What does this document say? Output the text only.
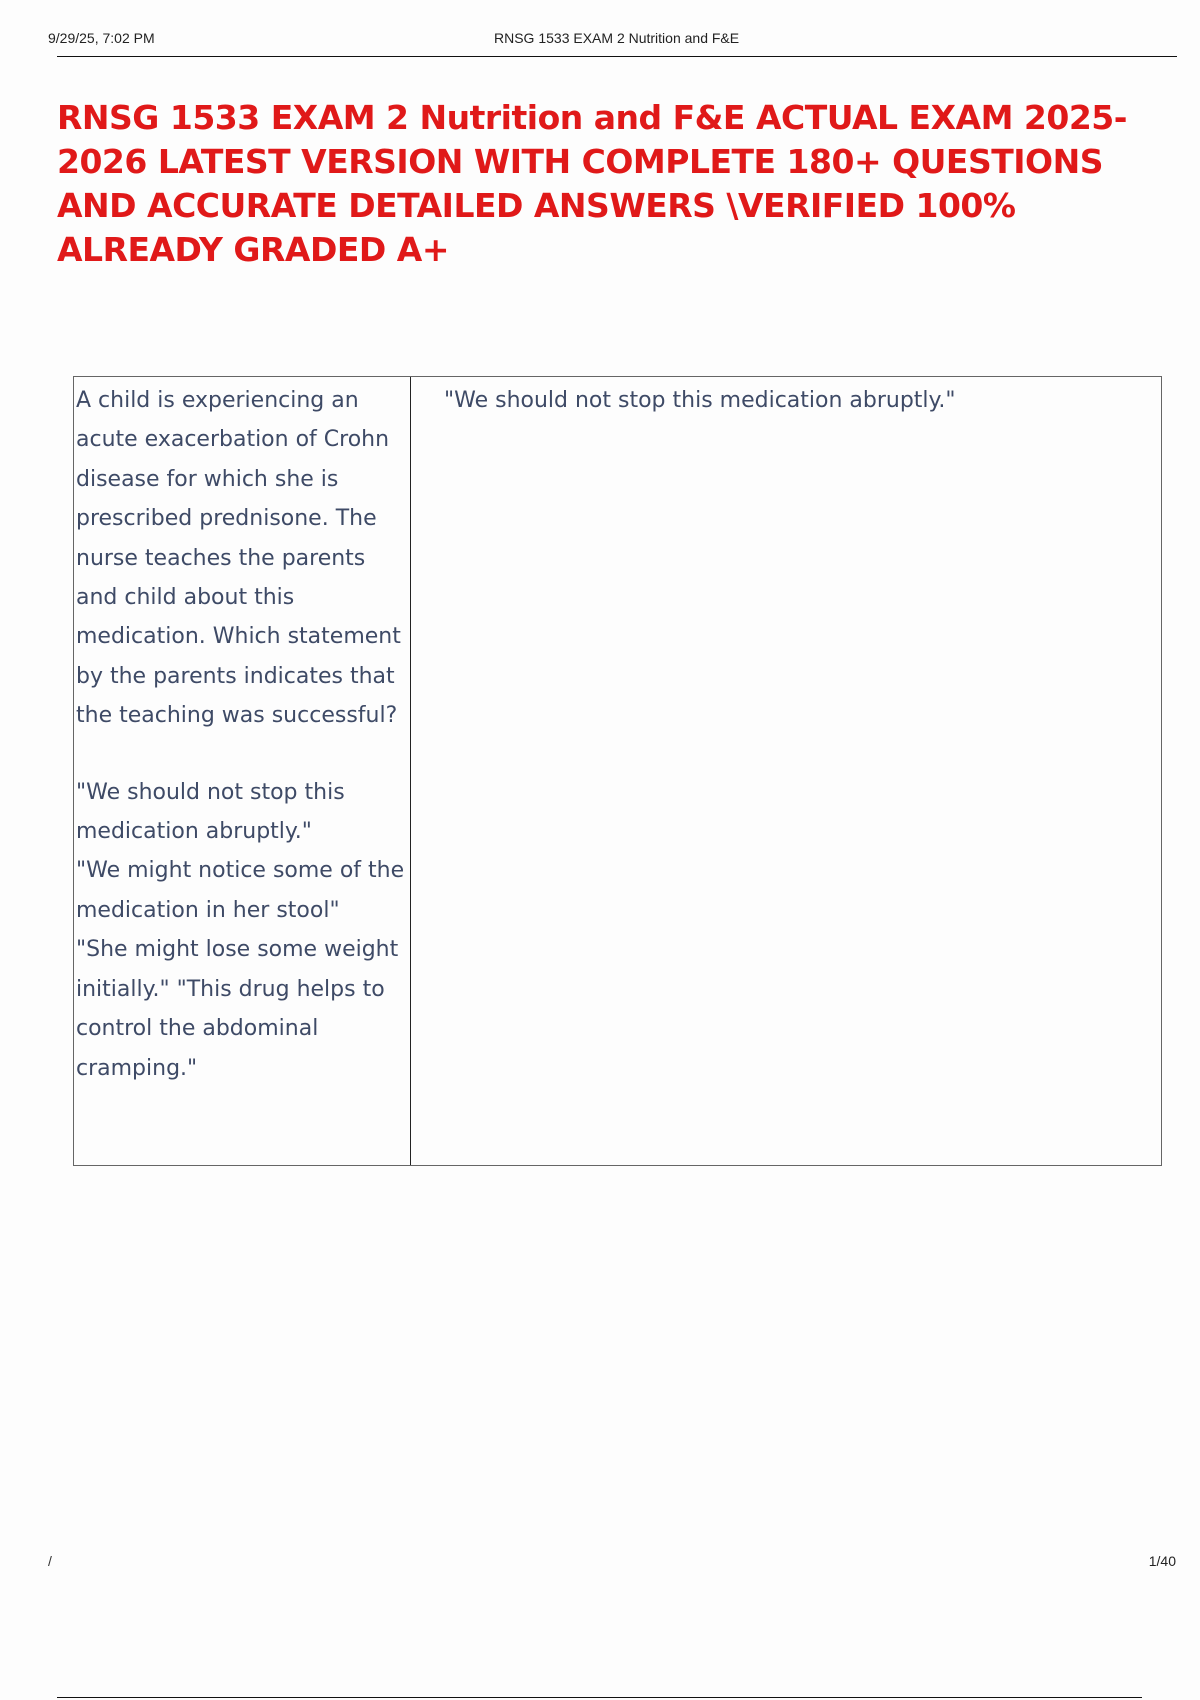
9/29/25, 7:02 PM	RNSG 1533 EXAM 2 Nutrition and F&E
RNSG 1533 EXAM 2 Nutrition and F&E ACTUAL EXAM 2025-2026 LATEST VERSION WITH COMPLETE 180+ QUESTIONS AND ACCURATE DETAILED ANSWERS \VERIFIED 100% ALREADY GRADED A+
A child is experiencing an acute exacerbation of Crohn disease for which she is prescribed prednisone. The nurse teaches the parents and child about this medication. Which statement by the parents indicates that the teaching was successful?
"We should not stop this medication abruptly."
"We might notice some of the medication in her stool"
"She might lose some weight initially." "This drug helps to control the abdominal cramping."
"We should not stop this medication abruptly."
/	1/40
